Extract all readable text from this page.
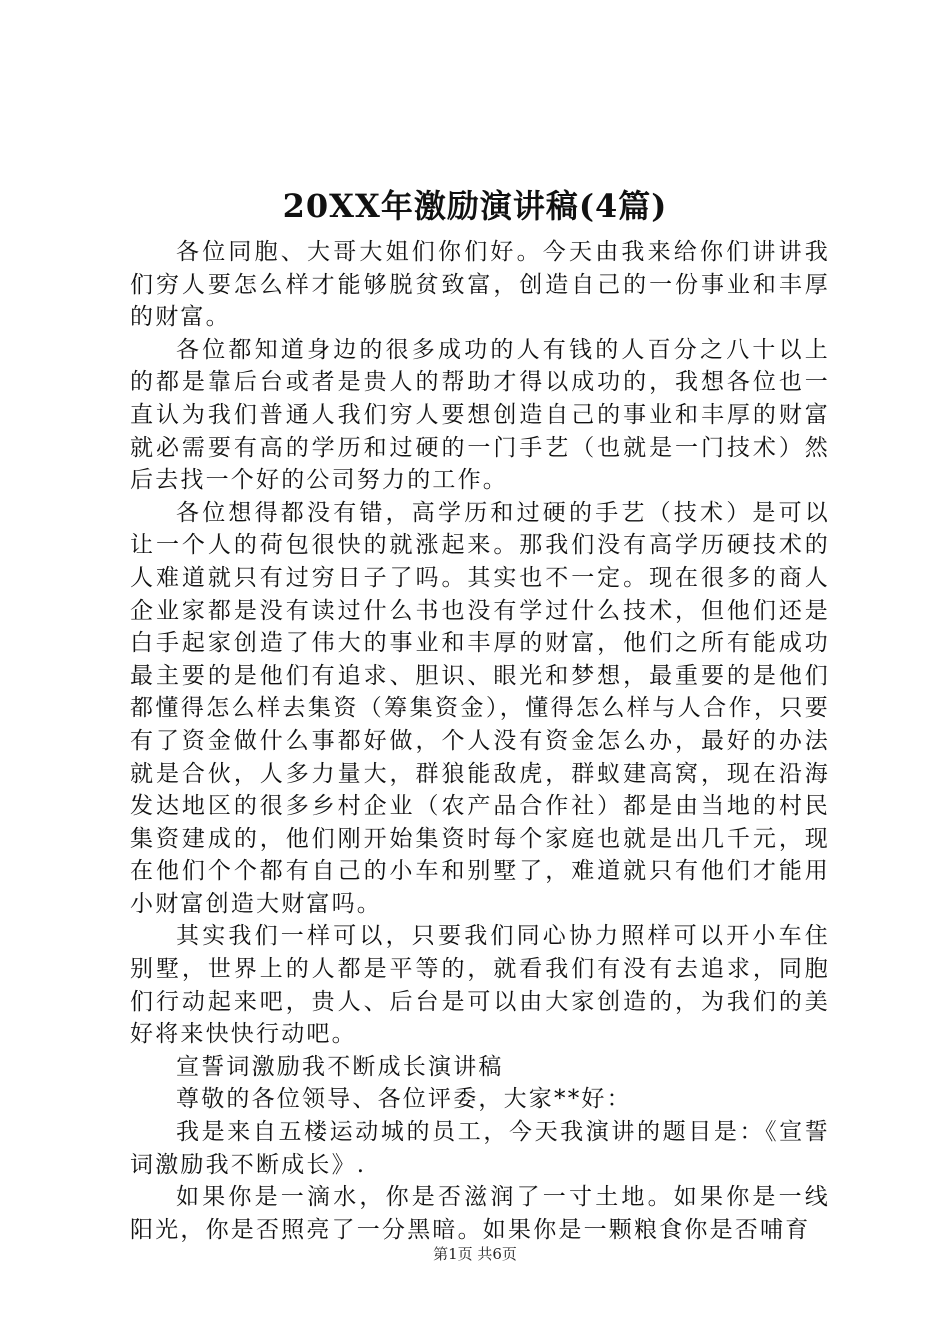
20XX年激励演讲稿(4篇)

各位同胞、大哥大姐们你们好。今天由我来给你们讲讲我们穷人要怎么样才能够脱贫致富，创造自己的一份事业和丰厚的财富。

各位都知道身边的很多成功的人有钱的人百分之八十以上的都是靠后台或者是贵人的帮助才得以成功的，我想各位也一直认为我们普通人我们穷人要想创造自己的事业和丰厚的财富就必需要有高的学历和过硬的一门手艺（也就是一门技术）然后去找一个好的公司努力的工作。

各位想得都没有错，高学历和过硬的手艺（技术）是可以让一个人的荷包很快的就涨起来。那我们没有高学历硬技术的人难道就只有过穷日子了吗。其实也不一定。现在很多的商人企业家都是没有读过什么书也没有学过什么技术，但他们还是白手起家创造了伟大的事业和丰厚的财富，他们之所有能成功最主要的是他们有追求、胆识、眼光和梦想，最重要的是他们都懂得怎么样去集资（筹集资金），懂得怎么样与人合作，只要有了资金做什么事都好做，个人没有资金怎么办，最好的办法就是合伙，人多力量大，群狼能敌虎，群蚁建高窝，现在沿海发达地区的很多乡村企业（农产品合作社）都是由当地的村民集资建成的，他们刚开始集资时每个家庭也就是出几千元，现在他们个个都有自己的小车和别墅了，难道就只有他们才能用小财富创造大财富吗。

其实我们一样可以，只要我们同心协力照样可以开小车住别墅，世界上的人都是平等的，就看我们有没有去追求，同胞们行动起来吧，贵人、后台是可以由大家创造的，为我们的美好将来快快行动吧。

宣誓词激励我不断成长演讲稿

尊敬的各位领导、各位评委，大家**好：

我是来自五楼运动城的员工，今天我演讲的题目是：《宣誓词激励我不断成长》.

如果你是一滴水，你是否滋润了一寸土地。如果你是一线阳光，你是否照亮了一分黑暗。如果你是一颗粮食你是否哺育

第1页 共6页
